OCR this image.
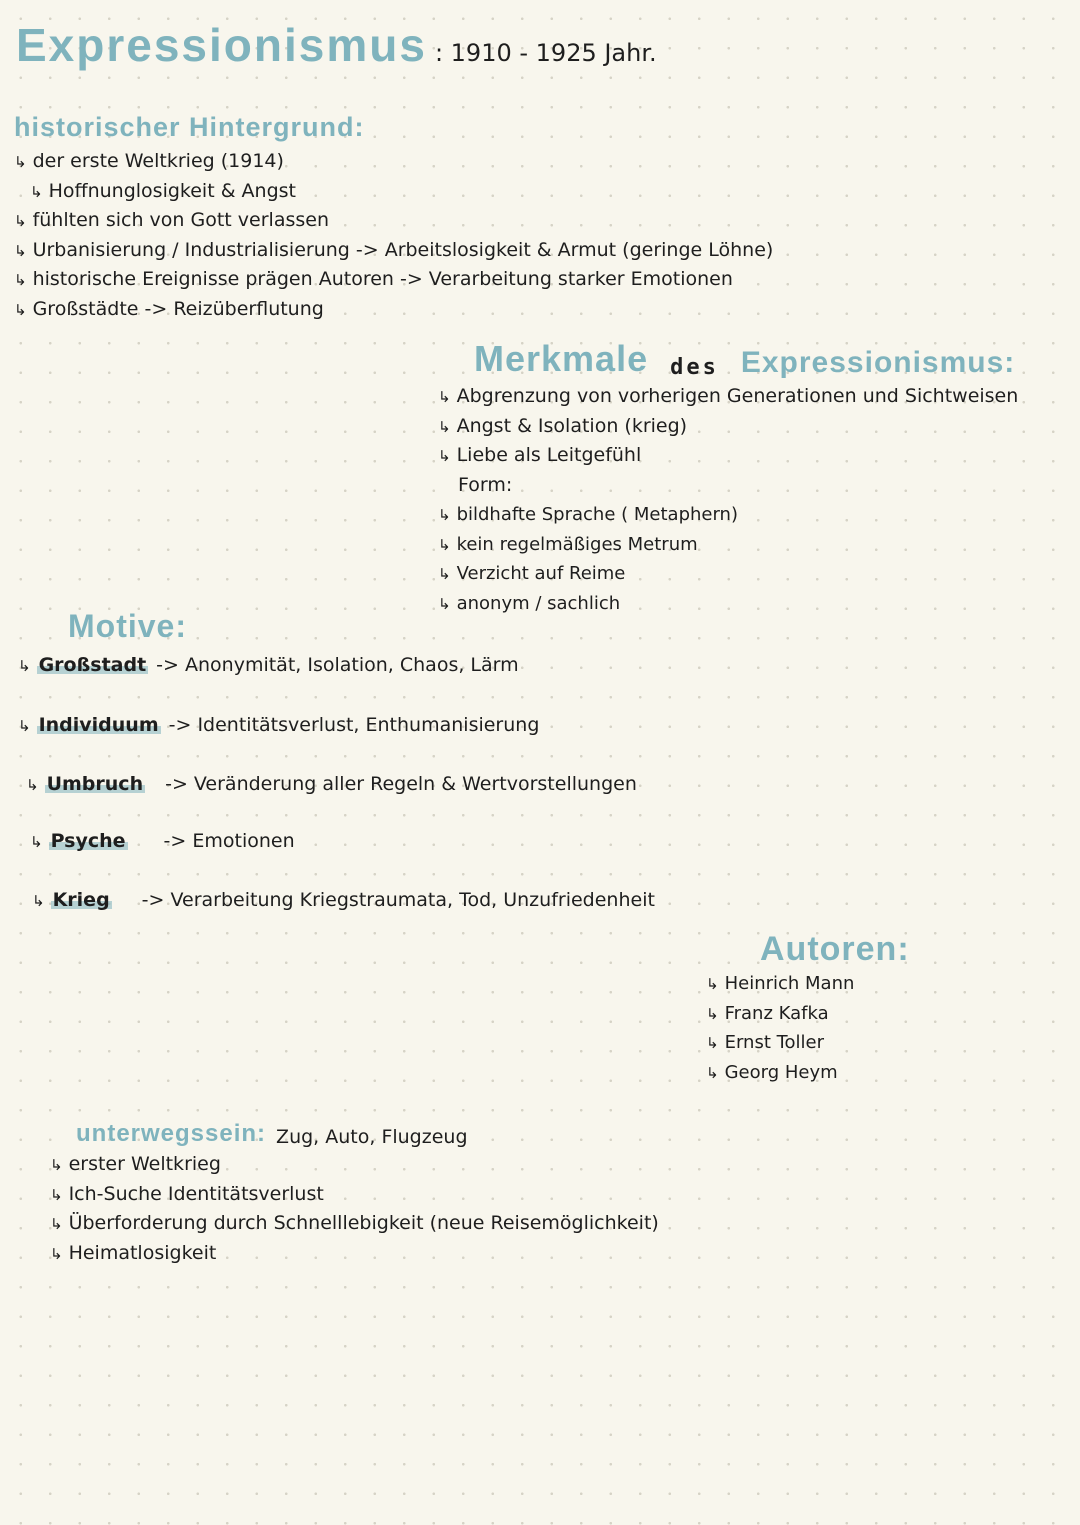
Expressionismus : 1910 - 1925 Jahr.
historischer Hintergrund:
↳ der erste Weltkrieg (1914)
↳ Hoffnunglosigkeit & Angst
↳ fühlten sich von Gott verlassen
↳ Urbanisierung / Industrialisierung -> Arbeitslosigkeit & Armut (geringe Löhne)
↳ historische Ereignisse prägen Autoren -> Verarbeitung starker Emotionen
↳ Großstädte -> Reizüberflutung
Merkmale des Expressionismus:
↳ Abgrenzung von vorherigen Generationen und Sichtweisen
↳ Angst & Isolation (krieg)
↳ Liebe als Leitgefühl
Form:
↳ bildhafte Sprache ( Metaphern)
↳ kein regelmäßiges Metrum
↳ Verzicht auf Reime
↳ anonym / sachlich
Motive:
↳ Großstadt -> Anonymität, Isolation, Chaos, Lärm
↳ Individuum -> Identitätsverlust, Enthumanisierung
↳ Umbruch -> Veränderung aller Regeln & Wertvorstellungen
↳ Psyche -> Emotionen
↳ Krieg -> Verarbeitung Kriegstraumata, Tod, Unzufriedenheit
Autoren:
↳ Heinrich Mann
↳ Franz Kafka
↳ Ernst Toller
↳ Georg Heym
unterwegssein: Zug, Auto, Flugzeug
↳ erster Weltkrieg
↳ Ich-Suche Identitätsverlust
↳ Überforderung durch Schnelllebigkeit (neue Reisemöglichkeit)
↳ Heimatlosigkeit
